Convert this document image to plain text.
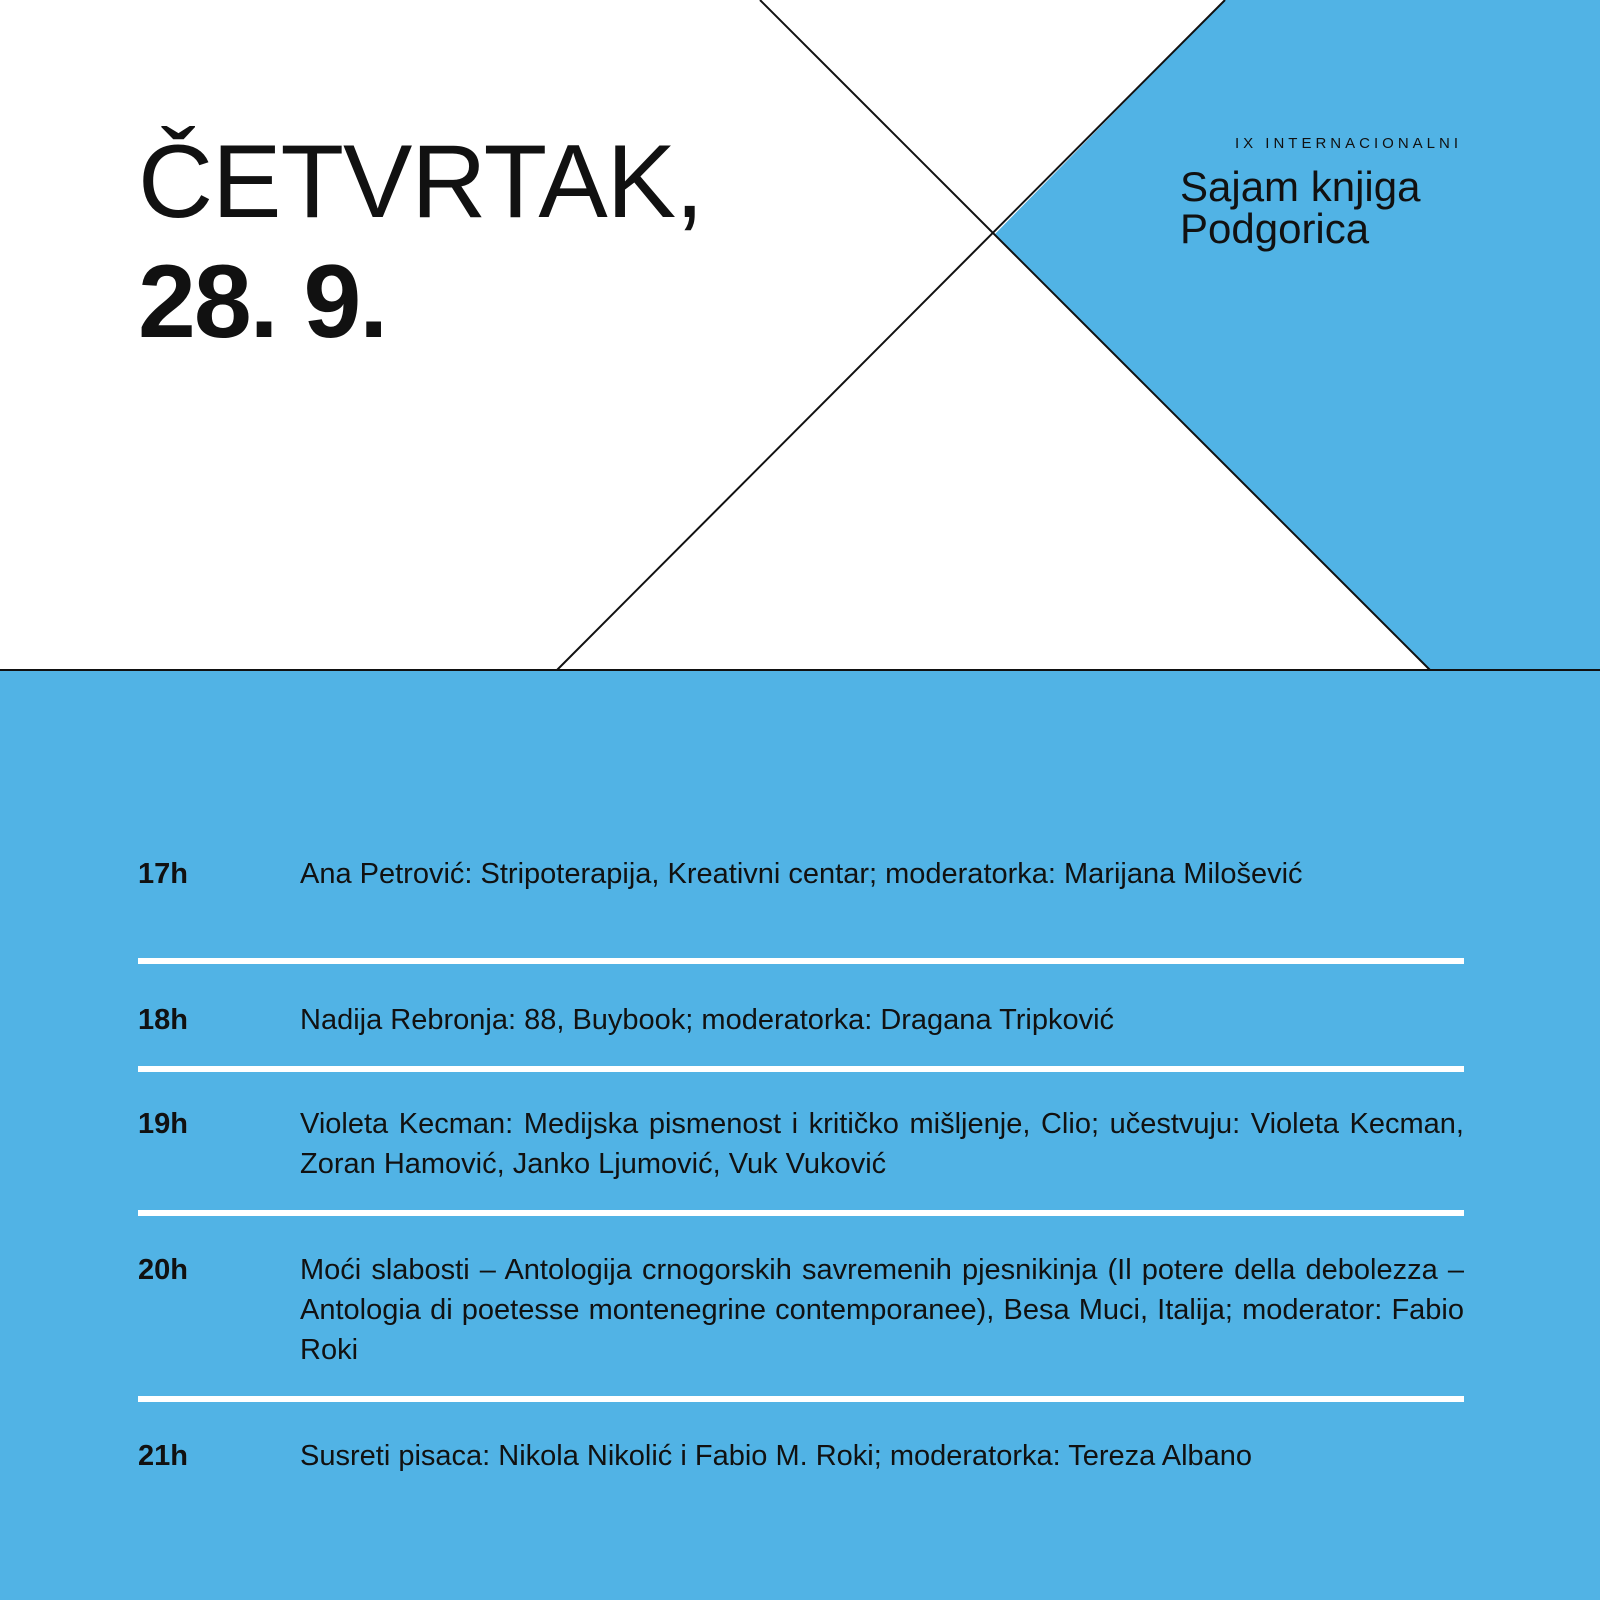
ČETVRTAK,
28. 9.
IX INTERNACIONALNI
Sajam knjiga
Podgorica
17h	Ana Petrović: Stripoterapija, Kreativni centar; moderatorka: Marijana Milošević

18h	Nadija Rebronja: 88, Buybook; moderatorka: Dragana Tripković

19h	Violeta Kecman: Medijska pismenost i kritičko mišljenje, Clio; učestvuju: Violeta Kecman, Zoran Hamović, Janko Ljumović, Vuk Vuković

20h	Moći slabosti – Antologija crnogorskih savremenih pjesnikinja (Il potere della debolezza – Antologia di poetesse montenegrine contemporanee), Besa Muci, Italija; moderator: Fabio Roki

21h	Susreti pisaca: Nikola Nikolić i Fabio M. Roki; moderatorka: Tereza Albano
